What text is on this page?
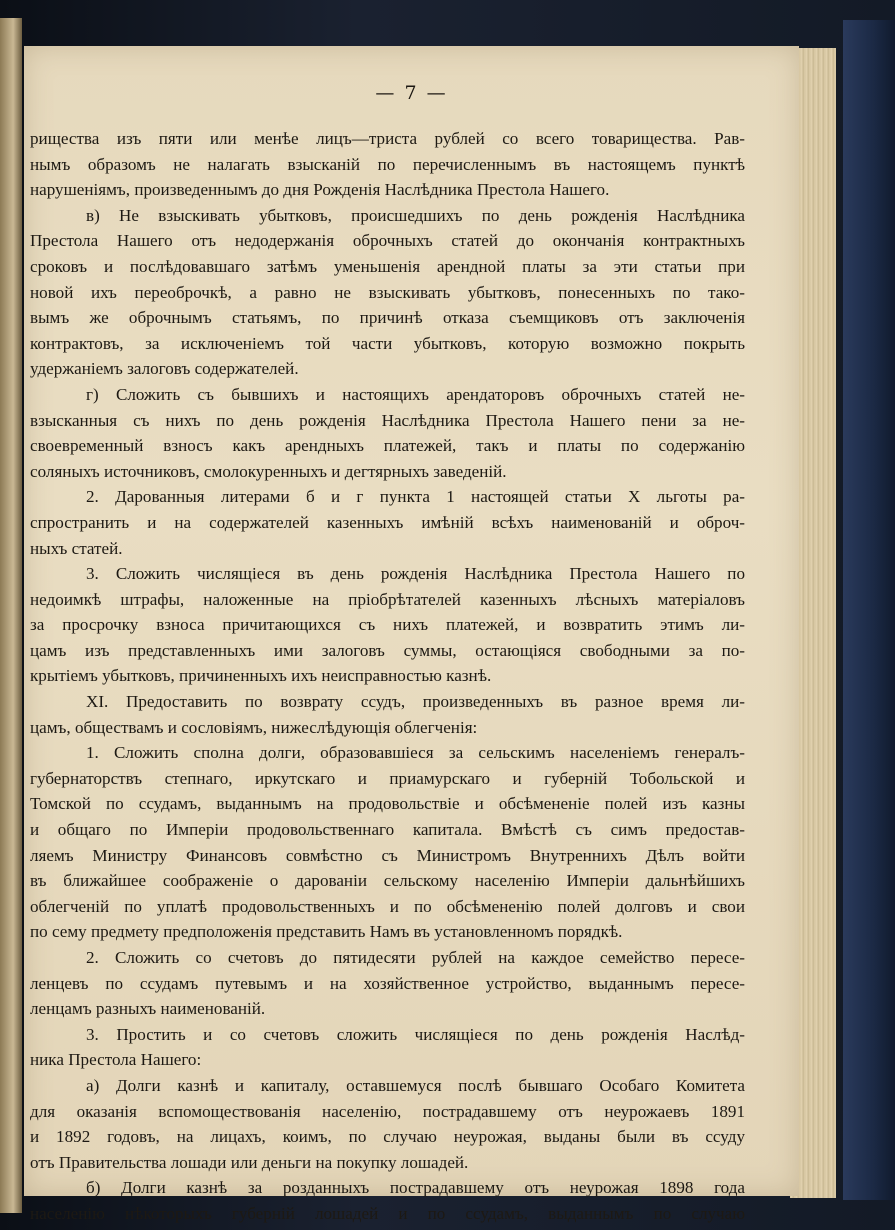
— 7 —
рищества изъ пяти или менѣе лицъ—триста рублей со всего товарищества. Рав-
нымъ образомъ не налагать взысканій по перечисленнымъ въ настоящемъ пунктѣ
нарушеніямъ, произведеннымъ до дня Рожденія Наслѣдника Престола Нашего.
в) Не взыскивать убытковъ, происшедшихъ по день рожденія Наслѣдника
Престола Нашего отъ недодержанія оброчныхъ статей до окончанія контрактныхъ
сроковъ и послѣдовавшаго затѣмъ уменьшенія арендной платы за эти статьи при
новой ихъ переоброчкѣ, а равно не взыскивать убытковъ, понесенныхъ по тако-
вымъ же оброчнымъ статьямъ, по причинѣ отказа съемщиковъ отъ заключенія
контрактовъ, за исключеніемъ той части убытковъ, которую возможно покрыть
удержаніемъ залоговъ содержателей.
г) Сложить съ бывшихъ и настоящихъ арендаторовъ оброчныхъ статей не-
взысканныя съ нихъ по день рожденія Наслѣдника Престола Нашего пени за не-
своевременный взносъ какъ арендныхъ платежей, такъ и платы по содержанію
соляныхъ источниковъ, смолокуренныхъ и дегтярныхъ заведеній.
2. Дарованныя литерами б и г пункта 1 настоящей статьи X льготы ра-
спространить и на содержателей казенныхъ имѣній всѣхъ наименованій и оброч-
ныхъ статей.
3. Сложить числящіеся въ день рожденія Наслѣдника Престола Нашего по
недоимкѣ штрафы, наложенные на пріобрѣтателей казенныхъ лѣсныхъ матеріаловъ
за просрочку взноса причитающихся съ нихъ платежей, и возвратить этимъ ли-
цамъ изъ представленныхъ ими залоговъ суммы, остающіяся свободными за по-
крытіемъ убытковъ, причиненныхъ ихъ неисправностью казнѣ.
XI. Предоставить по возврату ссудъ, произведенныхъ въ разное время ли-
цамъ, обществамъ и сословіямъ, нижеслѣдующія облегченія:
1. Сложить сполна долги, образовавшіеся за сельскимъ населеніемъ генералъ-
губернаторствъ степнаго, иркутскаго и приамурскаго и губерній Тобольской и
Томской по ссудамъ, выданнымъ на продовольствіе и обсѣмененіе полей изъ казны
и общаго по Имперіи продовольственнаго капитала. Вмѣстѣ съ симъ предостав-
ляемъ Министру Финансовъ совмѣстно съ Министромъ Внутреннихъ Дѣлъ войти
въ ближайшее соображеніе о дарованіи сельскому населенію Имперіи дальнѣйшихъ
облегченій по уплатѣ продовольственныхъ и по обсѣмененію полей долговъ и свои
по сему предмету предположенія представить Намъ въ установленномъ порядкѣ.
2. Сложить со счетовъ до пятидесяти рублей на каждое семейство пересе-
ленцевъ по ссудамъ путевымъ и на хозяйственное устройство, выданнымъ пересе-
ленцамъ разныхъ наименованій.
3. Простить и со счетовъ сложить числящіеся по день рожденія Наслѣд-
ника Престола Нашего:
а) Долги казнѣ и капиталу, оставшемуся послѣ бывшаго Особаго Комитета
для оказанія вспомоществованія населенію, пострадавшему отъ неурожаевъ 1891
и 1892 годовъ, на лицахъ, коимъ, по случаю неурожая, выданы были въ ссуду
отъ Правительства лошади или деньги на покупку лошадей.
б) Долги казнѣ за розданныхъ пострадавшему отъ неурожая 1898 года
населенію нѣкоторыхъ губерній лошадей и по ссудамъ, выданнымъ по случаю
